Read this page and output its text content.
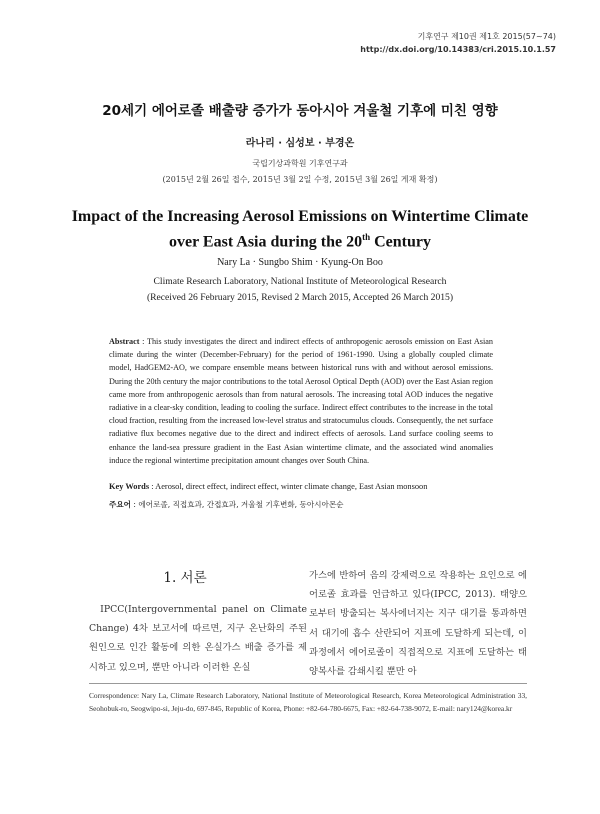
기후연구 제10권 제1호 2015(57~74)
http://dx.doi.org/10.14383/cri.2015.10.1.57
20세기 에어로졸 배출량 증가가 동아시아 겨울철 기후에 미친 영향
라나리 · 심성보 · 부경온
국립기상과학원 기후연구과
(2015년 2월 26일 접수, 2015년 3월 2일 수정, 2015년 3월 26일 게재 확정)
Impact of the Increasing Aerosol Emissions on Wintertime Climate
over East Asia during the 20th Century
Nary La · Sungbo Shim · Kyung-On Boo
Climate Research Laboratory, National Institute of Meteorological Research
(Received 26 February 2015, Revised 2 March 2015, Accepted 26 March 2015)
Abstract : This study investigates the direct and indirect effects of anthropogenic aerosols emission on East Asian climate during the winter (December-February) for the period of 1961-1990. Using a globally coupled climate model, HadGEM2-AO, we compare ensemble means between historical runs with and without aerosol emissions. During the 20th century the major contributions to the total Aerosol Optical Depth (AOD) over the East Asian region came more from anthropogenic aerosols than from natural aerosols. The increasing total AOD induces the negative radiative in a clear-sky condition, leading to cooling the surface. Indirect effect contributes to the increase in the total cloud fraction, resulting from the increased low-level stratus and stratocumulus clouds. Consequently, the net surface radiative flux becomes negative due to the direct and indirect effects of aerosols. Land surface cooling seems to enhance the land-sea pressure gradient in the East Asian wintertime climate, and the associated wind anomalies induce the regional wintertime precipitation amount changes over South China.
Key Words : Aerosol, direct effect, indirect effect, winter climate change, East Asian monsoon
주요어 : 에어로졸, 직접효과, 간접효과, 겨울철 기후변화, 동아시아몬순
1. 서론
IPCC(Intergovernmental panel on Climate Change) 4차 보고서에 따르면, 지구 온난화의 주된 원인으로 인간 활동에 의한 온실가스 배출 증가를 제시하고 있으며, 뿐만 아니라 이러한 온실
가스에 반하여 음의 강제력으로 작용하는 요인으로 에어로졸 효과를 언급하고 있다(IPCC, 2013). 태양으로부터 방출되는 복사에너지는 지구 대기를 통과하면서 대기에 흡수 산란되어 지표에 도달하게 되는데, 이 과정에서 에어로졸이 직접적으로 지표에 도달하는 태양복사를 감쇄시킬 뿐만 아
Correspondence: Nary La, Climate Research Laboratory, National Institute of Meteorological Research, Korea Meteorological Administration 33, Seohobuk-ro, Seogwipo-si, Jeju-do, 697-845, Republic of Korea, Phone: +82-64-780-6675, Fax: +82-64-738-9072, E-mail: nary124@korea.kr
